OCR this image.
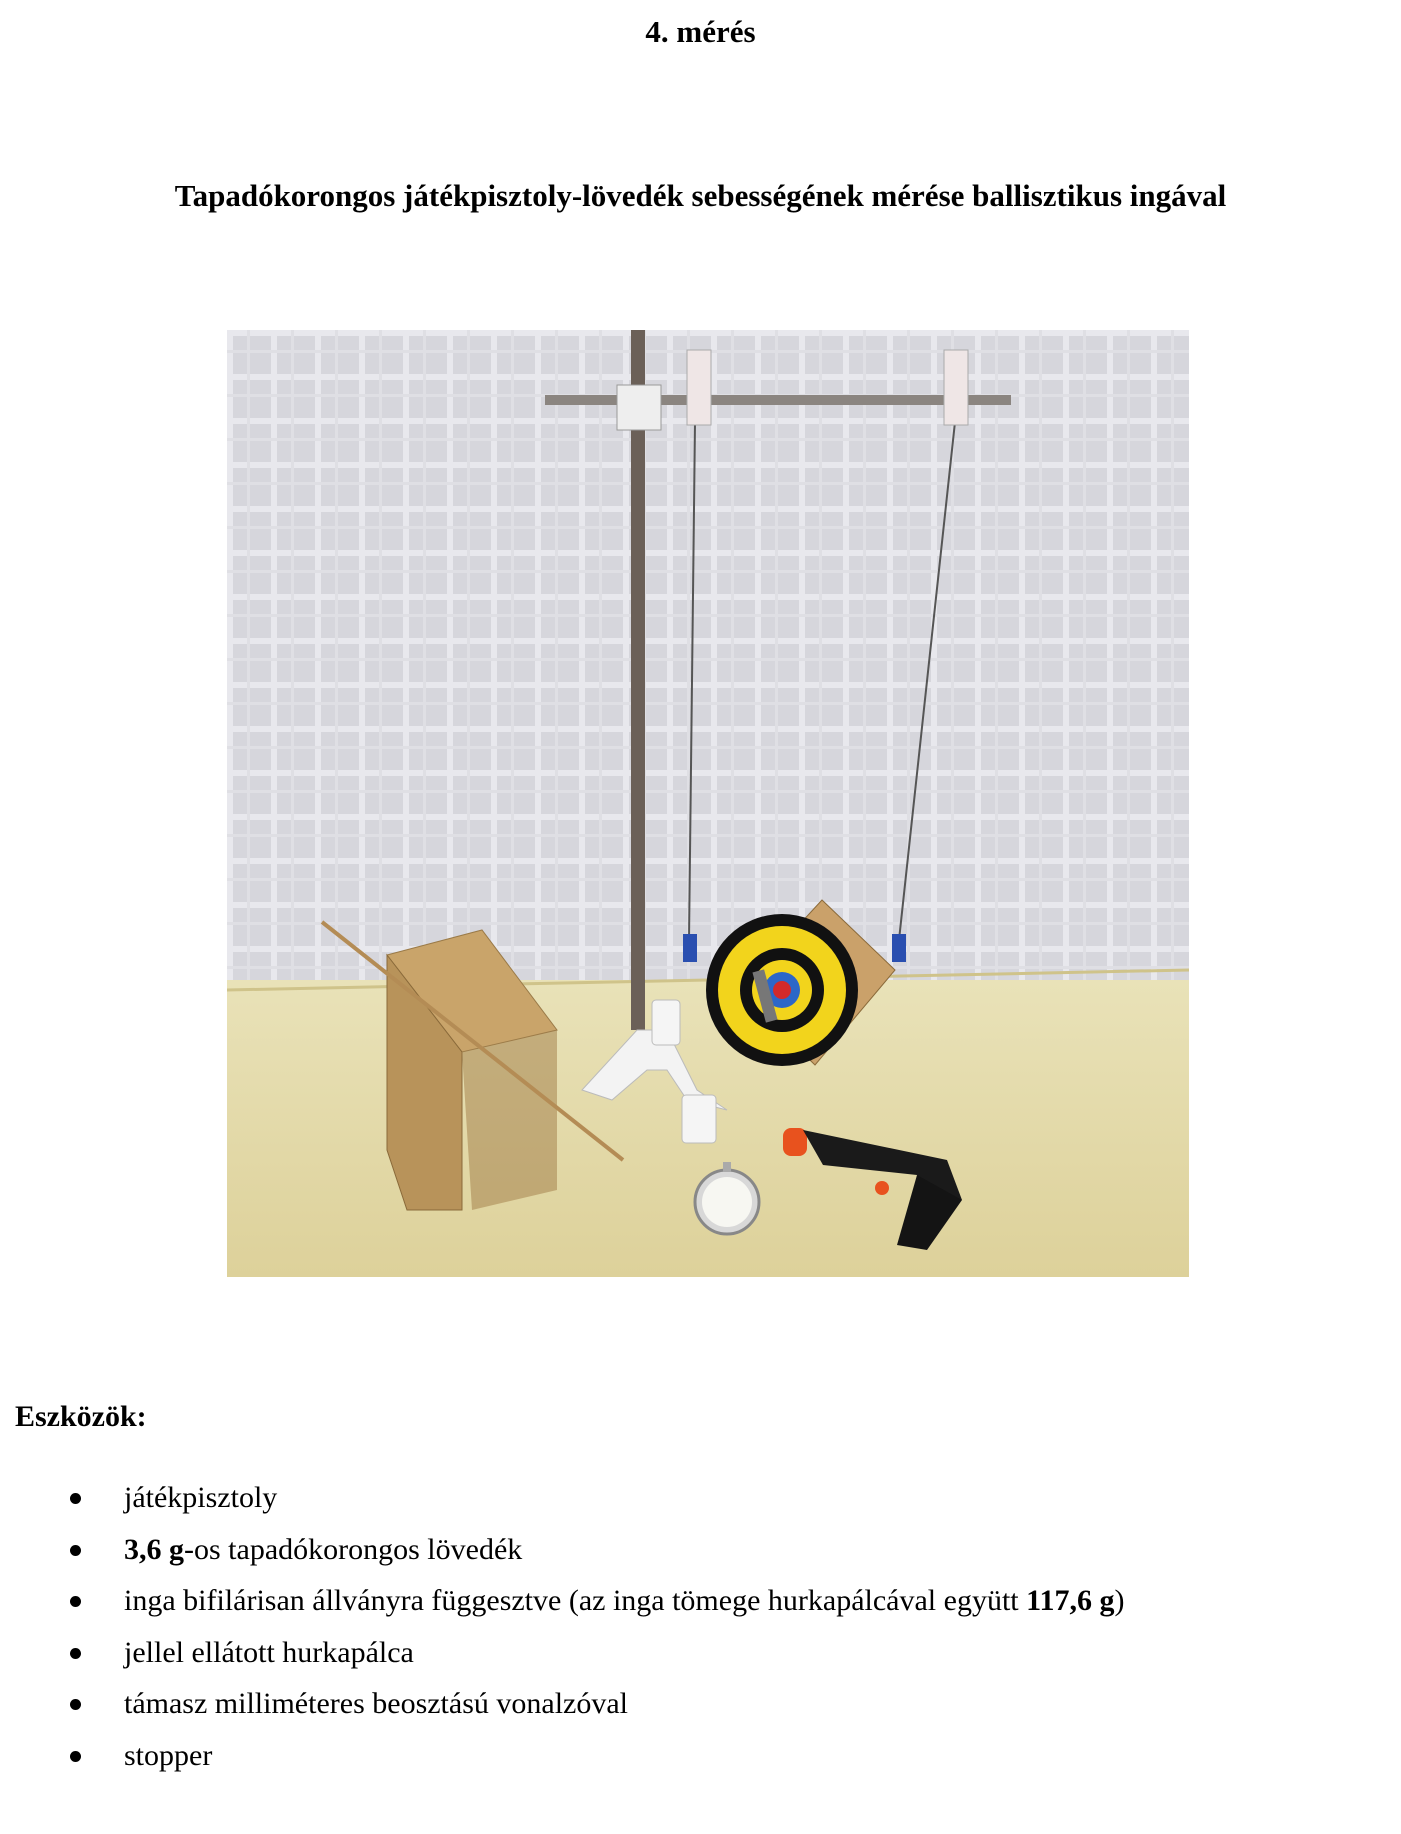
4. mérés
Tapadókorongos játékpisztoly-lövedék sebességének mérése ballisztikus ingával
Eszközök:
játékpisztoly
3,6 g-os tapadókorongos lövedék
inga bifilárisan állványra függesztve (az inga tömege hurkapálcával együtt 117,6 g)
jellel ellátott hurkapálca
támasz milliméteres beosztású vonalzóval
stopper
